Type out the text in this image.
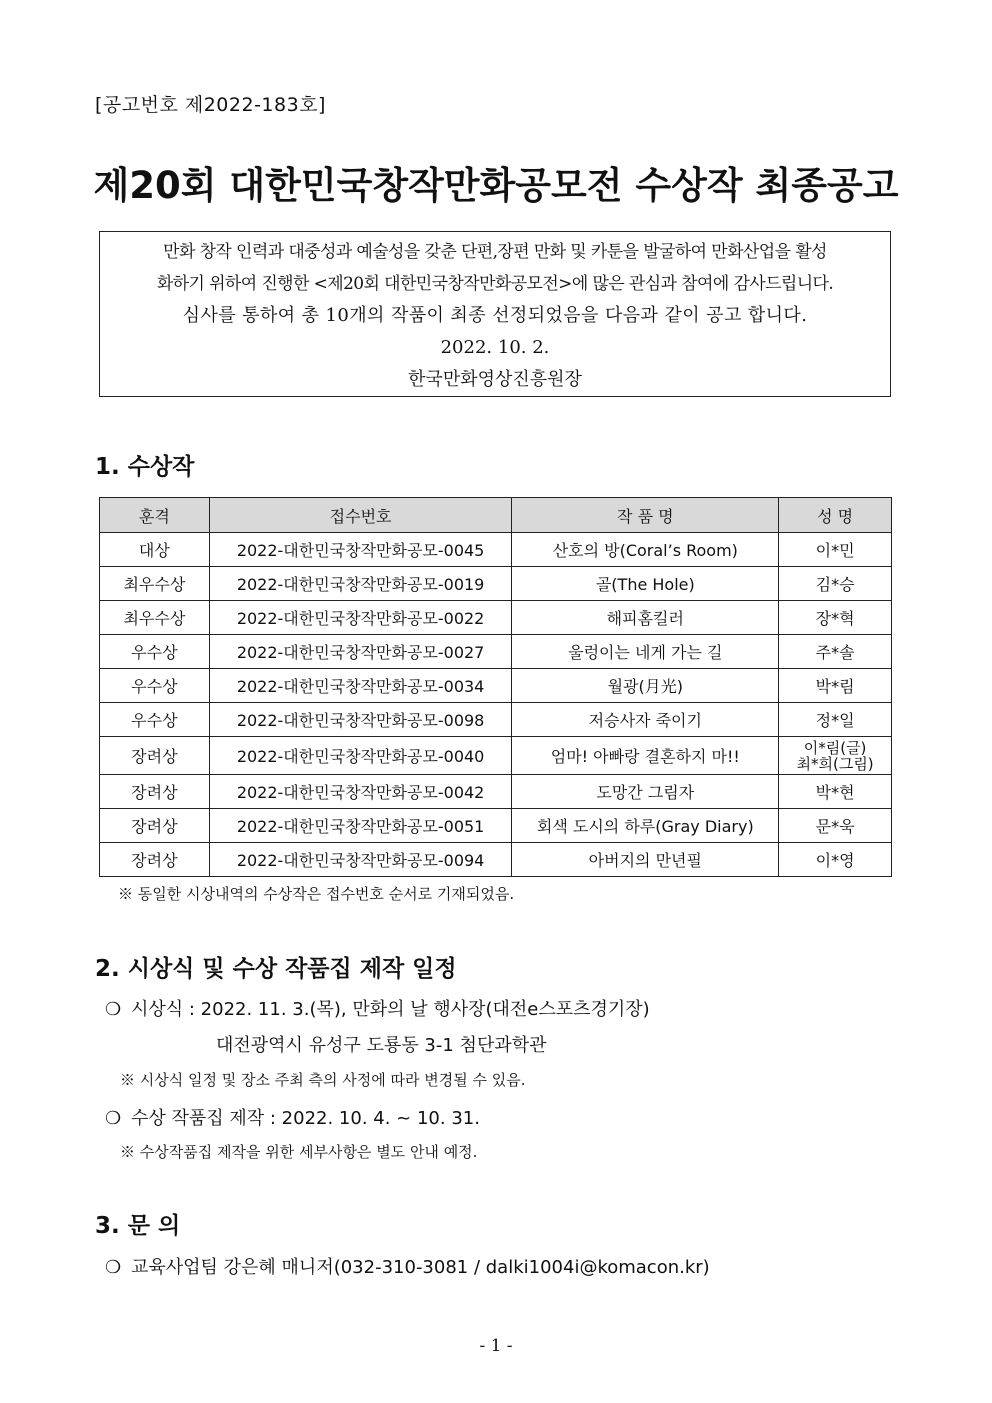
[공고번호 제2022-183호]
제20회 대한민국창작만화공모전 수상작 최종공고
만화 창작 인력과 대중성과 예술성을 갖춘 단편,장편 만화 및 카툰을 발굴하여 만화산업을 활성
화하기 위하여 진행한 <제20회 대한민국창작만화공모전>에 많은 관심과 참여에 감사드립니다.
심사를 통하여 총 10개의 작품이 최종 선정되었음을 다음과 같이 공고 합니다.
2022. 10. 2.
한국만화영상진흥원장
1. 수상작
훈격	접수번호	작 품 명	성 명
대상	2022-대한민국창작만화공모-0045	산호의 방(Coral’s Room)	이*민
최우수상	2022-대한민국창작만화공모-0019	골(The Hole)	김*승
최우수상	2022-대한민국창작만화공모-0022	해피홈킬러	장*혁
우수상	2022-대한민국창작만화공모-0027	울렁이는 네게 가는 길	주*솔
우수상	2022-대한민국창작만화공모-0034	월광(月光)	박*림
우수상	2022-대한민국창작만화공모-0098	저승사자 죽이기	정*일
장려상	2022-대한민국창작만화공모-0040	엄마! 아빠랑 결혼하지 마!!	이*림(글)
최*희(그림)

장려상	2022-대한민국창작만화공모-0042	도망간 그림자	박*현
장려상	2022-대한민국창작만화공모-0051	회색 도시의 하루(Gray Diary)	문*욱
장려상	2022-대한민국창작만화공모-0094	아버지의 만년필	이*영
※ 동일한 시상내역의 수상작은 접수번호 순서로 기재되었음.
2. 시상식 및 수상 작품집 제작 일정
❍ 시상식 : 2022. 11. 3.(목), 만화의 날 행사장(대전e스포츠경기장)
대전광역시 유성구 도룡동 3-1 첨단과학관
※ 시상식 일정 및 장소 주최 측의 사정에 따라 변경될 수 있음.
❍ 수상 작품집 제작 : 2022. 10. 4. ~ 10. 31.
※ 수상작품집 제작을 위한 세부사항은 별도 안내 예정.
3. 문 의
❍ 교육사업팀 강은혜 매니저(032-310-3081 / dalki1004i@komacon.kr)
- 1 -
